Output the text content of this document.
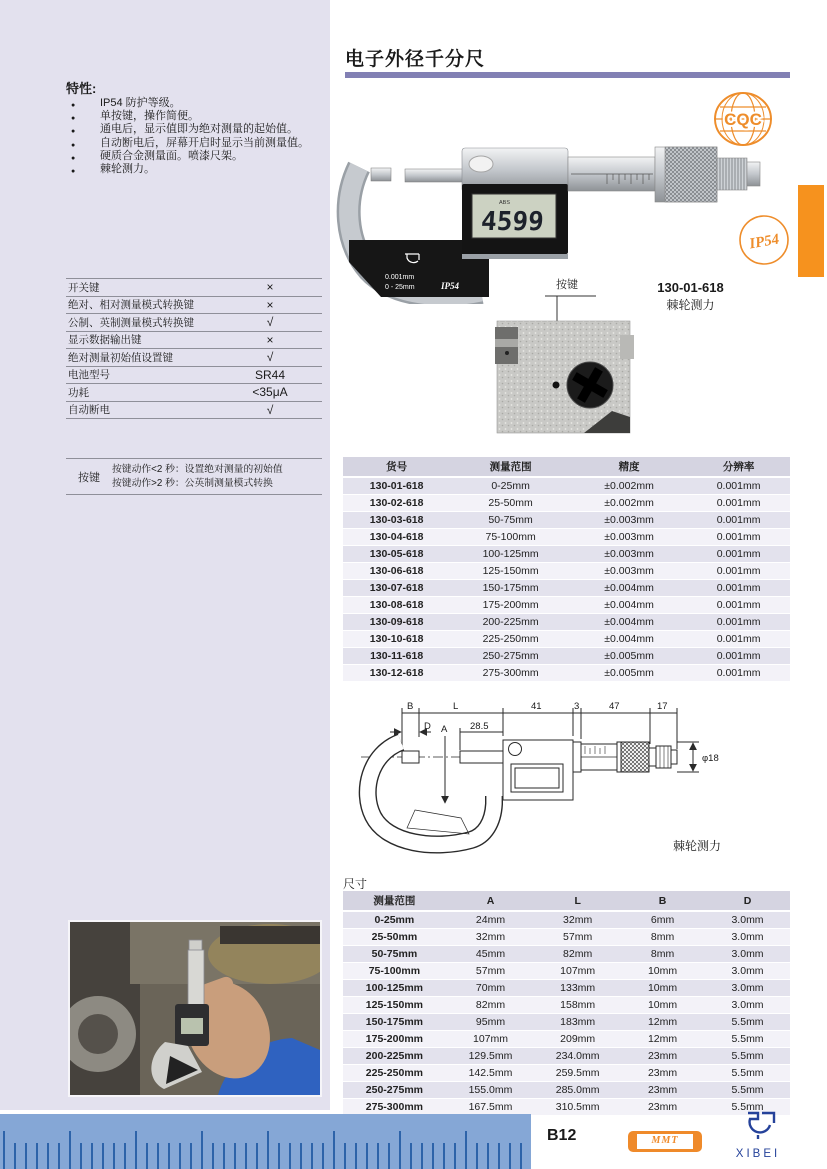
特性:
● IP54 防护等级。
● 单按键，操作简便。
● 通电后，显示值即为绝对测量的起始值。
● 自动断电后，屏幕开启时显示当前测量值。
● 硬质合金测量面。喷漆尺架。
● 棘轮测力。
开关键	×
绝对、相对测量模式转换键	×
公制、英制测量模式转换键	√
显示数据输出键	×
绝对测量初始值设置键	√
电池型号	SR44
功耗	<35μA
自动断电	√
按键
按键动作<2 秒：设置绝对测量的初始值
按键动作>2 秒：公英制测量模式转换
电子外径千分尺
CQC
0.001mm
0 - 25mm	IP54
ABS
4599
IP54
130-01-618
棘轮测力
按键
货号	测量范围	精度	分辨率
130-01-618	0-25mm	±0.002mm	0.001mm
130-02-618	25-50mm	±0.002mm	0.001mm
130-03-618	50-75mm	±0.003mm	0.001mm
130-04-618	75-100mm	±0.003mm	0.001mm
130-05-618	100-125mm	±0.003mm	0.001mm
130-06-618	125-150mm	±0.003mm	0.001mm
130-07-618	150-175mm	±0.004mm	0.001mm
130-08-618	175-200mm	±0.004mm	0.001mm
130-09-618	200-225mm	±0.004mm	0.001mm
130-10-618	225-250mm	±0.004mm	0.001mm
130-11-618	250-275mm	±0.005mm	0.001mm
130-12-618	275-300mm	±0.005mm	0.001mm
B	L	41	3	47	17
D A 28.5
φ18
棘轮测力
尺寸
测量范围	A	L	B	D
0-25mm	24mm	32mm	6mm	3.0mm
25-50mm	32mm	57mm	8mm	3.0mm
50-75mm	45mm	82mm	8mm	3.0mm
75-100mm	57mm	107mm	10mm	3.0mm
100-125mm	70mm	133mm	10mm	3.0mm
125-150mm	82mm	158mm	10mm	3.0mm
150-175mm	95mm	183mm	12mm	5.5mm
175-200mm	107mm	209mm	12mm	5.5mm
200-225mm	129.5mm	234.0mm	23mm	5.5mm
225-250mm	142.5mm	259.5mm	23mm	5.5mm
250-275mm	155.0mm	285.0mm	23mm	5.5mm
275-300mm	167.5mm	310.5mm	23mm	5.5mm
B12	MMT
XIBEI
